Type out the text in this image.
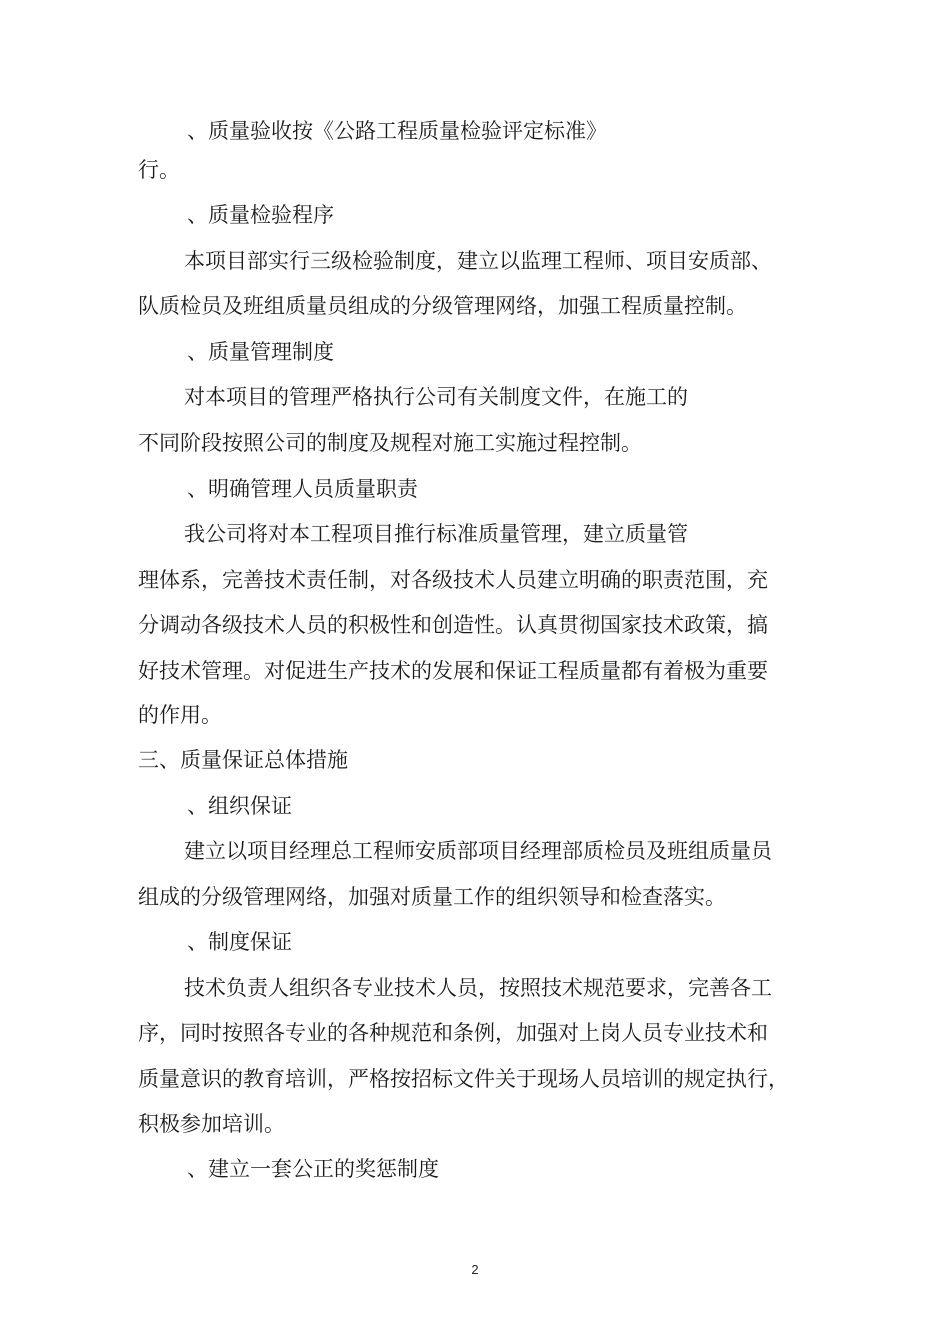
、质量验收按《公路工程质量检验评定标准》

行。

、质量检验程序

本项目部实行三级检验制度，建立以监理工程师、项目安质部、

队质检员及班组质量员组成的分级管理网络，加强工程质量控制。

、质量管理制度

对本项目的管理严格执行公司有关制度文件，在施工的

不同阶段按照公司的制度及规程对施工实施过程控制。

、明确管理人员质量职责

我公司将对本工程项目推行标准质量管理，建立质量管

理体系，完善技术责任制，对各级技术人员建立明确的职责范围，充

分调动各级技术人员的积极性和创造性。认真贯彻国家技术政策，搞

好技术管理。对促进生产技术的发展和保证工程质量都有着极为重要

的作用。

三、质量保证总体措施

、组织保证

建立以项目经理总工程师安质部项目经理部质检员及班组质量员

组成的分级管理网络，加强对质量工作的组织领导和检查落实。

、制度保证

技术负责人组织各专业技术人员，按照技术规范要求，完善各工

序，同时按照各专业的各种规范和条例，加强对上岗人员专业技术和

质量意识的教育培训，严格按招标文件关于现场人员培训的规定执行，

积极参加培训。

、建立一套公正的奖惩制度

2
